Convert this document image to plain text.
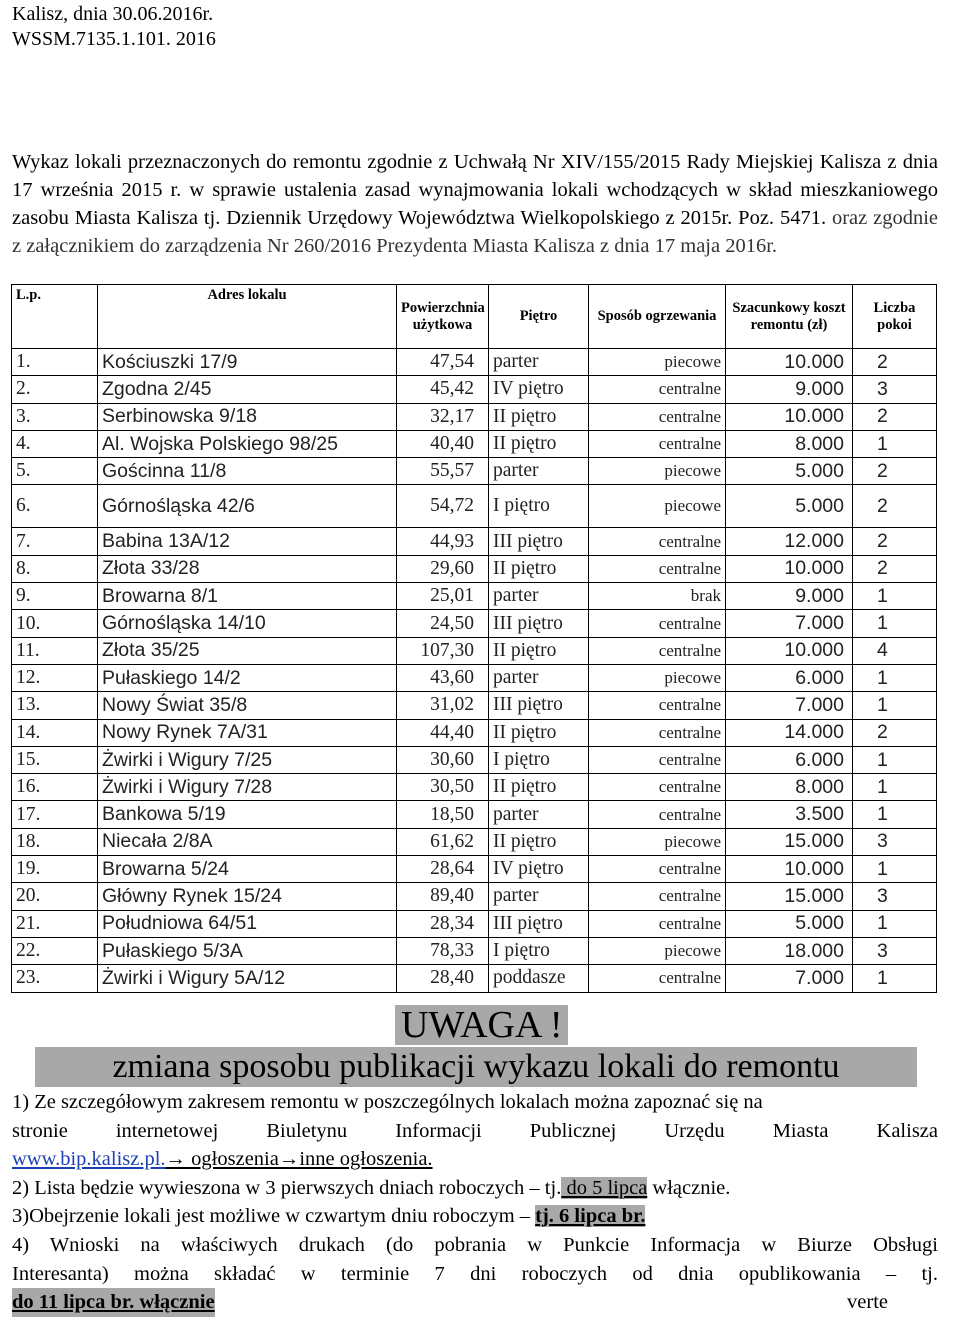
Kalisz, dnia 30.06.2016r.
WSSM.7135.1.101. 2016
Wykaz lokali przeznaczonych do remontu zgodnie z Uchwałą Nr XIV/155/2015 Rady Miejskiej Kalisza z dnia 17 września 2015 r. w sprawie ustalenia zasad wynajmowania lokali wchodzących w skład mieszkaniowego zasobu Miasta Kalisza tj. Dziennik Urzędowy Województwa Wielkopolskiego z 2015r. Poz. 5471. oraz zgodnie z załącznikiem do zarządzenia Nr 260/2016 Prezydenta Miasta Kalisza z dnia 17 maja 2016r.
L.p.	Adres lokalu	Powierzchnia użytkowa	Piętro	Sposób ogrzewania	Szacunkowy koszt remontu (zł)	Liczba pokoi
1.	Kościuszki 17/9	47,54	parter	piecowe	10.000	2
2.	Zgodna 2/45	45,42	IV piętro	centralne	9.000	3
3.	Serbinowska 9/18	32,17	II piętro	centralne	10.000	2
4.	Al. Wojska Polskiego 98/25	40,40	II piętro	centralne	8.000	1
5.	Gościnna 11/8	55,57	parter	piecowe	5.000	2
6.	Górnośląska 42/6	54,72	I piętro	piecowe	5.000	2
7.	Babina 13A/12	44,93	III piętro	centralne	12.000	2
8.	Złota 33/28	29,60	II piętro	centralne	10.000	2
9.	Browarna 8/1	25,01	parter	brak	9.000	1
10.	Górnośląska 14/10	24,50	III piętro	centralne	7.000	1
11.	Złota 35/25	107,30	II piętro	centralne	10.000	4
12.	Pułaskiego 14/2	43,60	parter	piecowe	6.000	1
13.	Nowy Świat 35/8	31,02	III piętro	centralne	7.000	1
14.	Nowy Rynek 7A/31	44,40	II piętro	centralne	14.000	2
15.	Żwirki i Wigury 7/25	30,60	I piętro	centralne	6.000	1
16.	Żwirki i Wigury 7/28	30,50	II piętro	centralne	8.000	1
17.	Bankowa 5/19	18,50	parter	centralne	3.500	1
18.	Niecała 2/8A	61,62	II piętro	piecowe	15.000	3
19.	Browarna 5/24	28,64	IV piętro	centralne	10.000	1
20.	Główny Rynek 15/24	89,40	parter	centralne	15.000	3
21.	Południowa 64/51	28,34	III piętro	centralne	5.000	1
22.	Pułaskiego 5/3A	78,33	I piętro	piecowe	18.000	3
23.	Żwirki i Wigury 5A/12	28,40	poddasze	centralne	7.000	1
UWAGA !
zmiana sposobu publikacji wykazu lokali do remontu
1) Ze szczegółowym zakresem remontu w poszczególnych lokalach można zapoznać się na
stronie internetowej Biuletynu Informacji Publicznej Urzędu Miasta Kalisza
www.bip.kalisz.pl.→ ogłoszenia→inne ogłoszenia.
2) Lista będzie wywieszona w 3 pierwszych dniach roboczych – tj. do 5 lipca włącznie.
3)Obejrzenie lokali jest możliwe w czwartym dniu roboczym – tj. 6 lipca br.
4) Wnioski na właściwych drukach (do pobrania w Punkcie Informacja w Biurze Obsługi
Interesanta) można składać w terminie 7 dni roboczych od dnia opublikowania – tj.
do 11 lipca br. włącznie	verte
